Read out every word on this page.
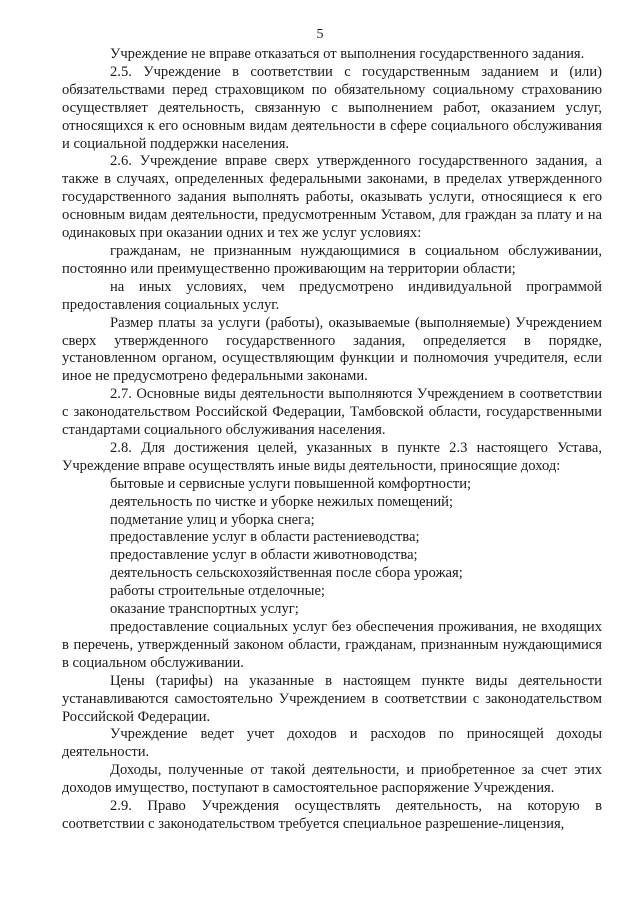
5

Учреждение не вправе отказаться от выполнения государственного задания.

2.5. Учреждение в соответствии с государственным заданием и (или) обязательствами перед страховщиком по обязательному социальному страхованию осуществляет деятельность, связанную с выполнением работ, оказанием услуг, относящихся к его основным видам деятельности в сфере социального обслуживания и социальной поддержки населения.

2.6. Учреждение вправе сверх утвержденного государственного задания, а также в случаях, определенных федеральными законами, в пределах утвержденного государственного задания выполнять работы, оказывать услуги, относящиеся к его основным видам деятельности, предусмотренным Уставом, для граждан за плату и на одинаковых при оказании одних и тех же услуг условиях:

гражданам, не признанным нуждающимися в социальном обслуживании, постоянно или преимущественно проживающим на территории области;

на иных условиях, чем предусмотрено индивидуальной программой предоставления социальных услуг.

Размер платы за услуги (работы), оказываемые (выполняемые) Учреждением сверх утвержденного государственного задания, определяется в порядке, установленном органом, осуществляющим функции и полномочия учредителя, если иное не предусмотрено федеральными законами.

2.7. Основные виды деятельности выполняются Учреждением в соответствии с законодательством Российской Федерации, Тамбовской области, государственными стандартами социального обслуживания населения.

2.8. Для достижения целей, указанных в пункте 2.3 настоящего Устава, Учреждение вправе осуществлять иные виды деятельности, приносящие доход:

бытовые и сервисные услуги повышенной комфортности;

деятельность по чистке и уборке нежилых помещений;

подметание улиц и уборка снега;

предоставление услуг в области растениеводства;

предоставление услуг в области животноводства;

деятельность сельскохозяйственная после сбора урожая;

работы строительные отделочные;

оказание транспортных услуг;

предоставление социальных услуг без обеспечения проживания, не входящих в перечень, утвержденный законом области, гражданам, признанным нуждающимися в социальном обслуживании.

Цены (тарифы) на указанные в настоящем пункте виды деятельности устанавливаются самостоятельно Учреждением в соответствии с законодательством Российской Федерации.

Учреждение ведет учет доходов и расходов по приносящей доходы деятельности.

Доходы, полученные от такой деятельности, и приобретенное за счет этих доходов имущество, поступают в самостоятельное распоряжение Учреждения.

2.9. Право Учреждения осуществлять деятельность, на которую в соответствии с законодательством требуется специальное разрешение-лицензия,
